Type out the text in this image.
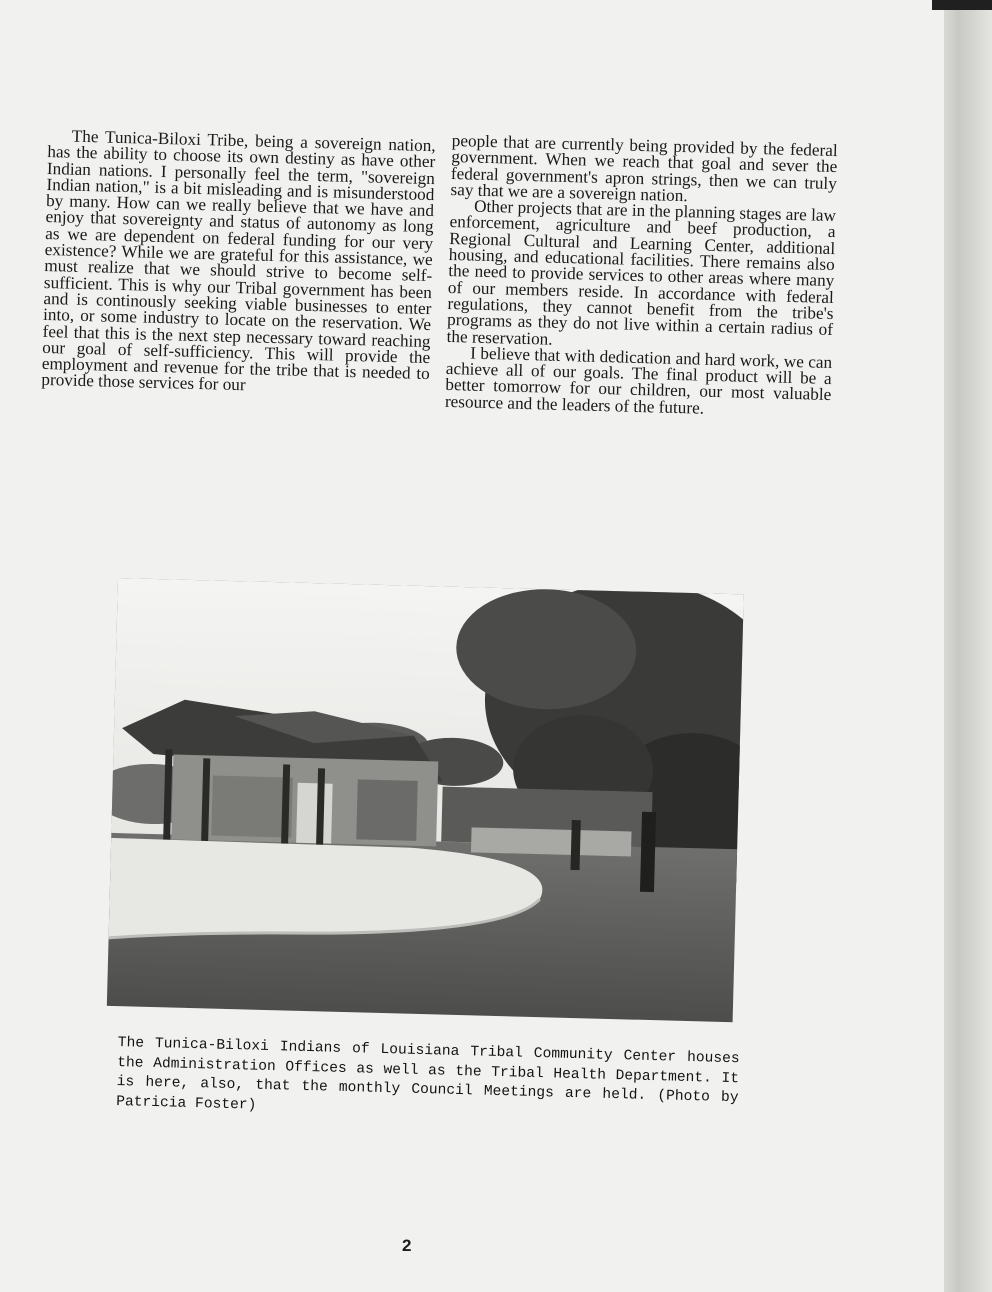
The Tunica-Biloxi Tribe, being a sovereign nation, has the ability to choose its own destiny as have other Indian nations. I personally feel the term, "sovereign Indian nation," is a bit misleading and is misunderstood by many. How can we really believe that we have and enjoy that sovereignty and status of autonomy as long as we are dependent on federal funding for our very existence? While we are grateful for this assistance, we must realize that we should strive to become self-sufficient. This is why our Tribal government has been and is continously seeking viable businesses to enter into, or some industry to locate on the reservation. We feel that this is the next step necessary toward reaching our goal of self-sufficiency. This will provide the employment and revenue for the tribe that is needed to provide those services for our

people that are currently being provided by the federal government. When we reach that goal and sever the federal government's apron strings, then we can truly say that we are a sovereign nation.

Other projects that are in the planning stages are law enforcement, agriculture and beef production, a Regional Cultural and Learning Center, additional housing, and educational facilities. There remains also the need to provide services to other areas where many of our members reside. In accordance with federal regulations, they cannot benefit from the tribe's programs as they do not live within a certain radius of the reservation.

I believe that with dedication and hard work, we can achieve all of our goals. The final product will be a better tomorrow for our children, our most valuable resource and the leaders of the future.

The Tunica-Biloxi Indians of Louisiana Tribal Community Center houses the Administration Offices as well as the Tribal Health Department. It is here, also, that the monthly Council Meetings are held. (Photo by Patricia Foster)
2
